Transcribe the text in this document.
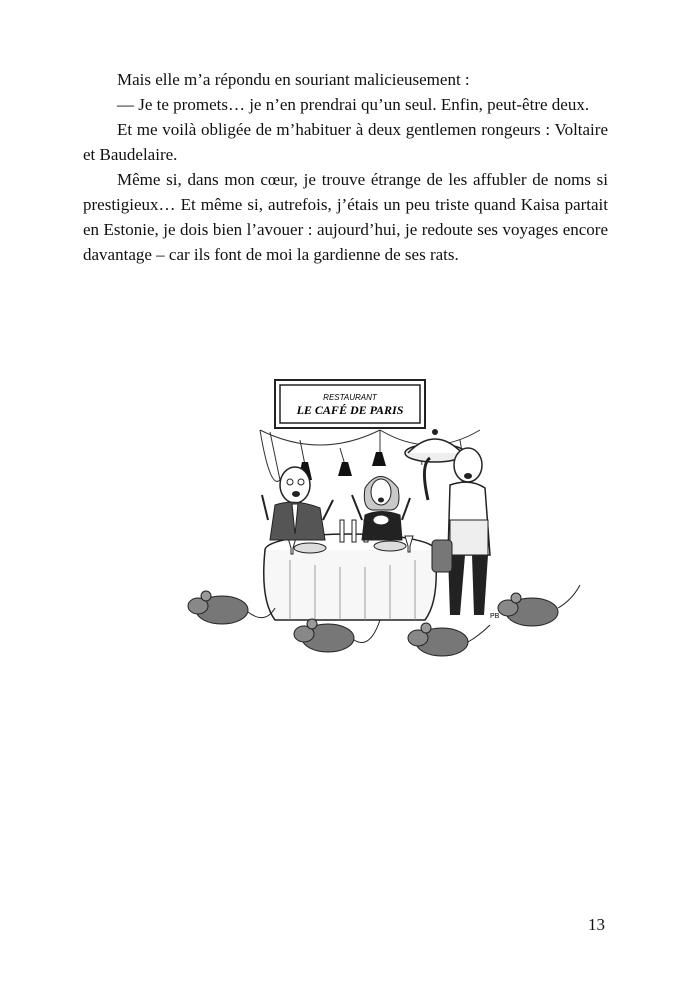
Mais elle m’a répondu en souriant malicieusement :

— Je te promets… je n’en prendrai qu’un seul. Enfin, peut-être deux.

Et me voilà obligée de m’habituer à deux gentlemen rongeurs : Voltaire et Baudelaire.

Même si, dans mon cœur, je trouve étrange de les affubler de noms si prestigieux… Et même si, autrefois, j’étais un peu triste quand Kaisa partait en Estonie, je dois bien l’avouer : aujourd’hui, je redoute ses voyages encore davantage – car ils font de moi la gardienne de ses rats.

RESTAURANT
LE CAFÉ DE PARIS
PB
13
